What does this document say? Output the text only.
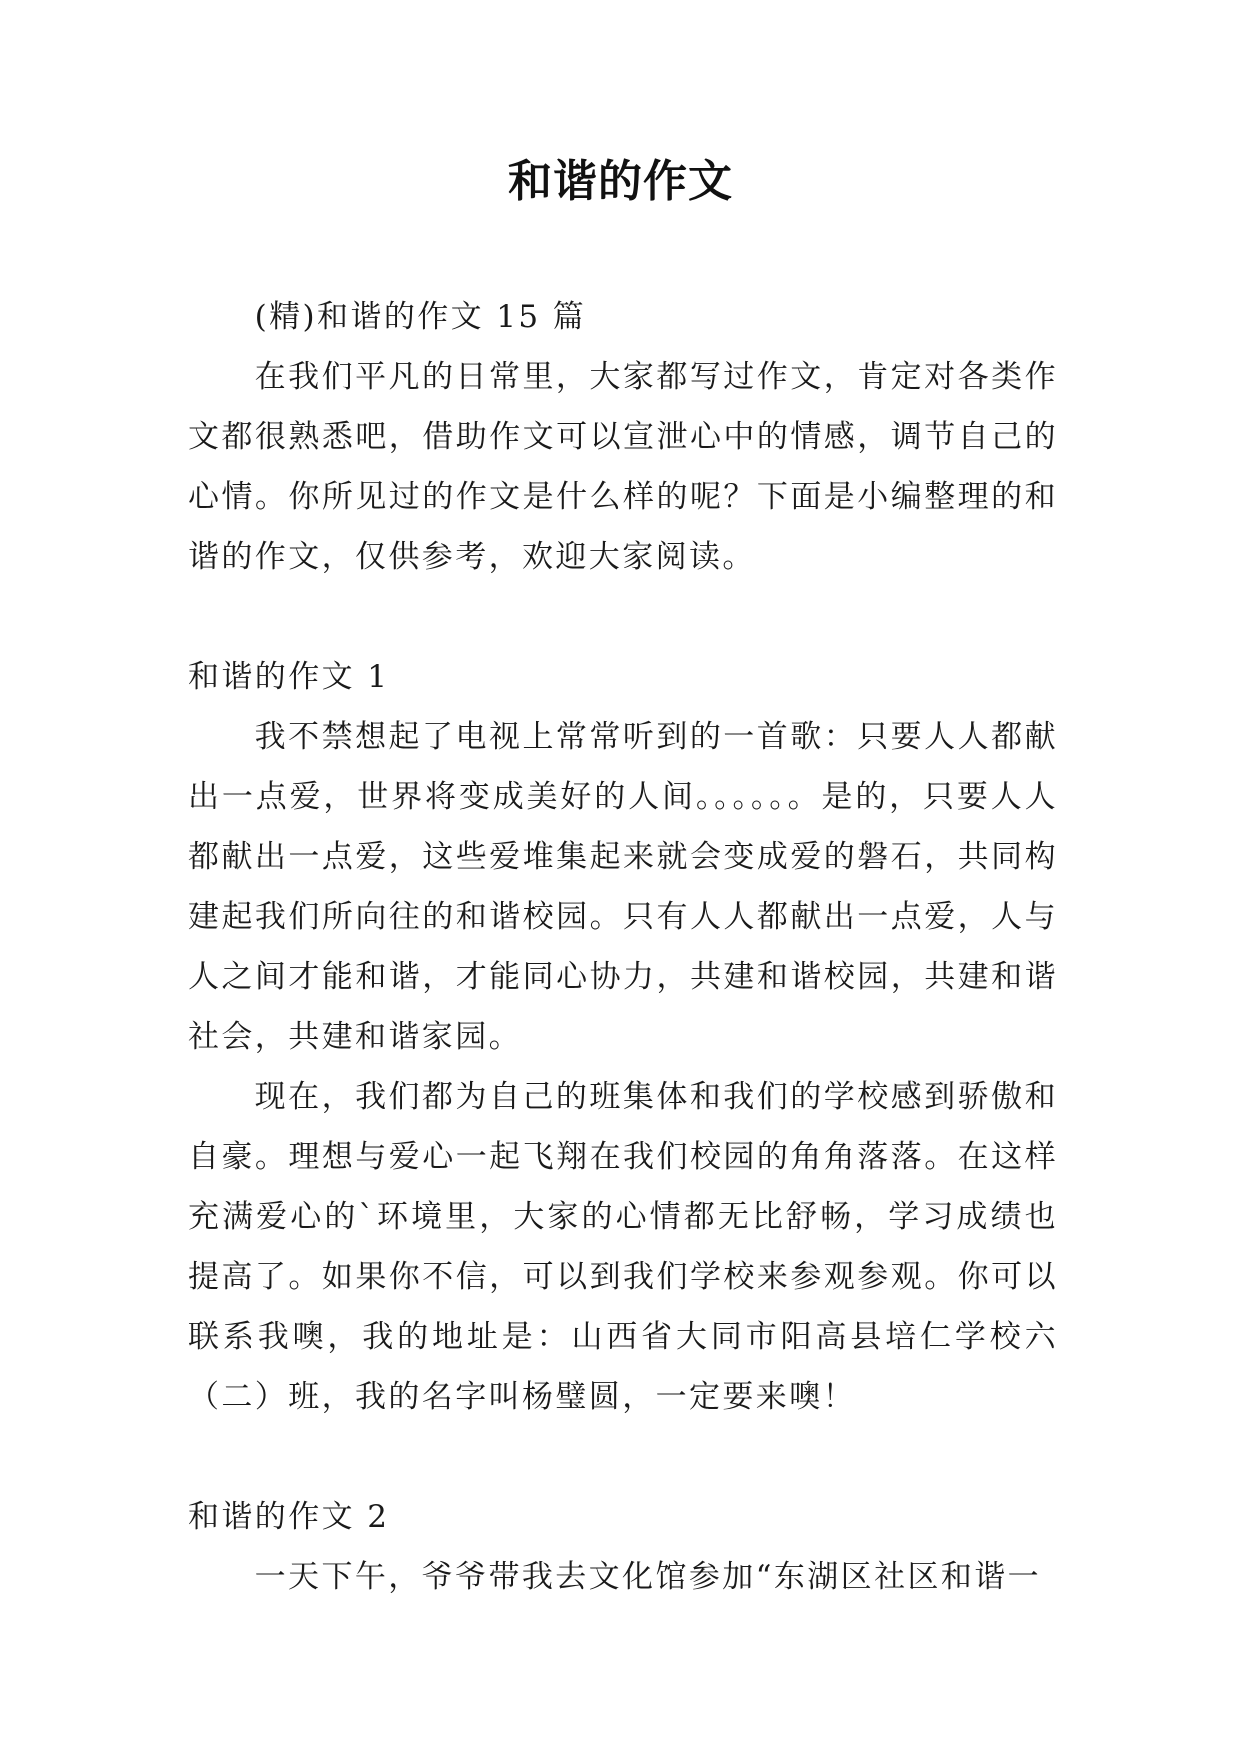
和谐的作文

(精)和谐的作文 15 篇

在我们平凡的日常里，大家都写过作文，肯定对各类作文都很熟悉吧，借助作文可以宣泄心中的情感，调节自己的心情。你所见过的作文是什么样的呢？下面是小编整理的和谐的作文，仅供参考，欢迎大家阅读。

和谐的作文 1

我不禁想起了电视上常常听到的一首歌：只要人人都献出一点爱，世界将变成美好的人间。。。。。。是的，只要人人都献出一点爱，这些爱堆集起来就会变成爱的磐石，共同构建起我们所向往的和谐校园。只有人人都献出一点爱，人与人之间才能和谐，才能同心协力，共建和谐校园，共建和谐社会，共建和谐家园。

现在，我们都为自己的班集体和我们的学校感到骄傲和自豪。理想与爱心一起飞翔在我们校园的角角落落。在这样充满爱心的`环境里，大家的心情都无比舒畅，学习成绩也提高了。如果你不信，可以到我们学校来参观参观。你可以联系我噢，我的地址是：山西省大同市阳高县培仁学校六（二）班，我的名字叫杨璧圆，一定要来噢！

和谐的作文 2

一天下午，爷爷带我去文化馆参加“东湖区社区和谐一
